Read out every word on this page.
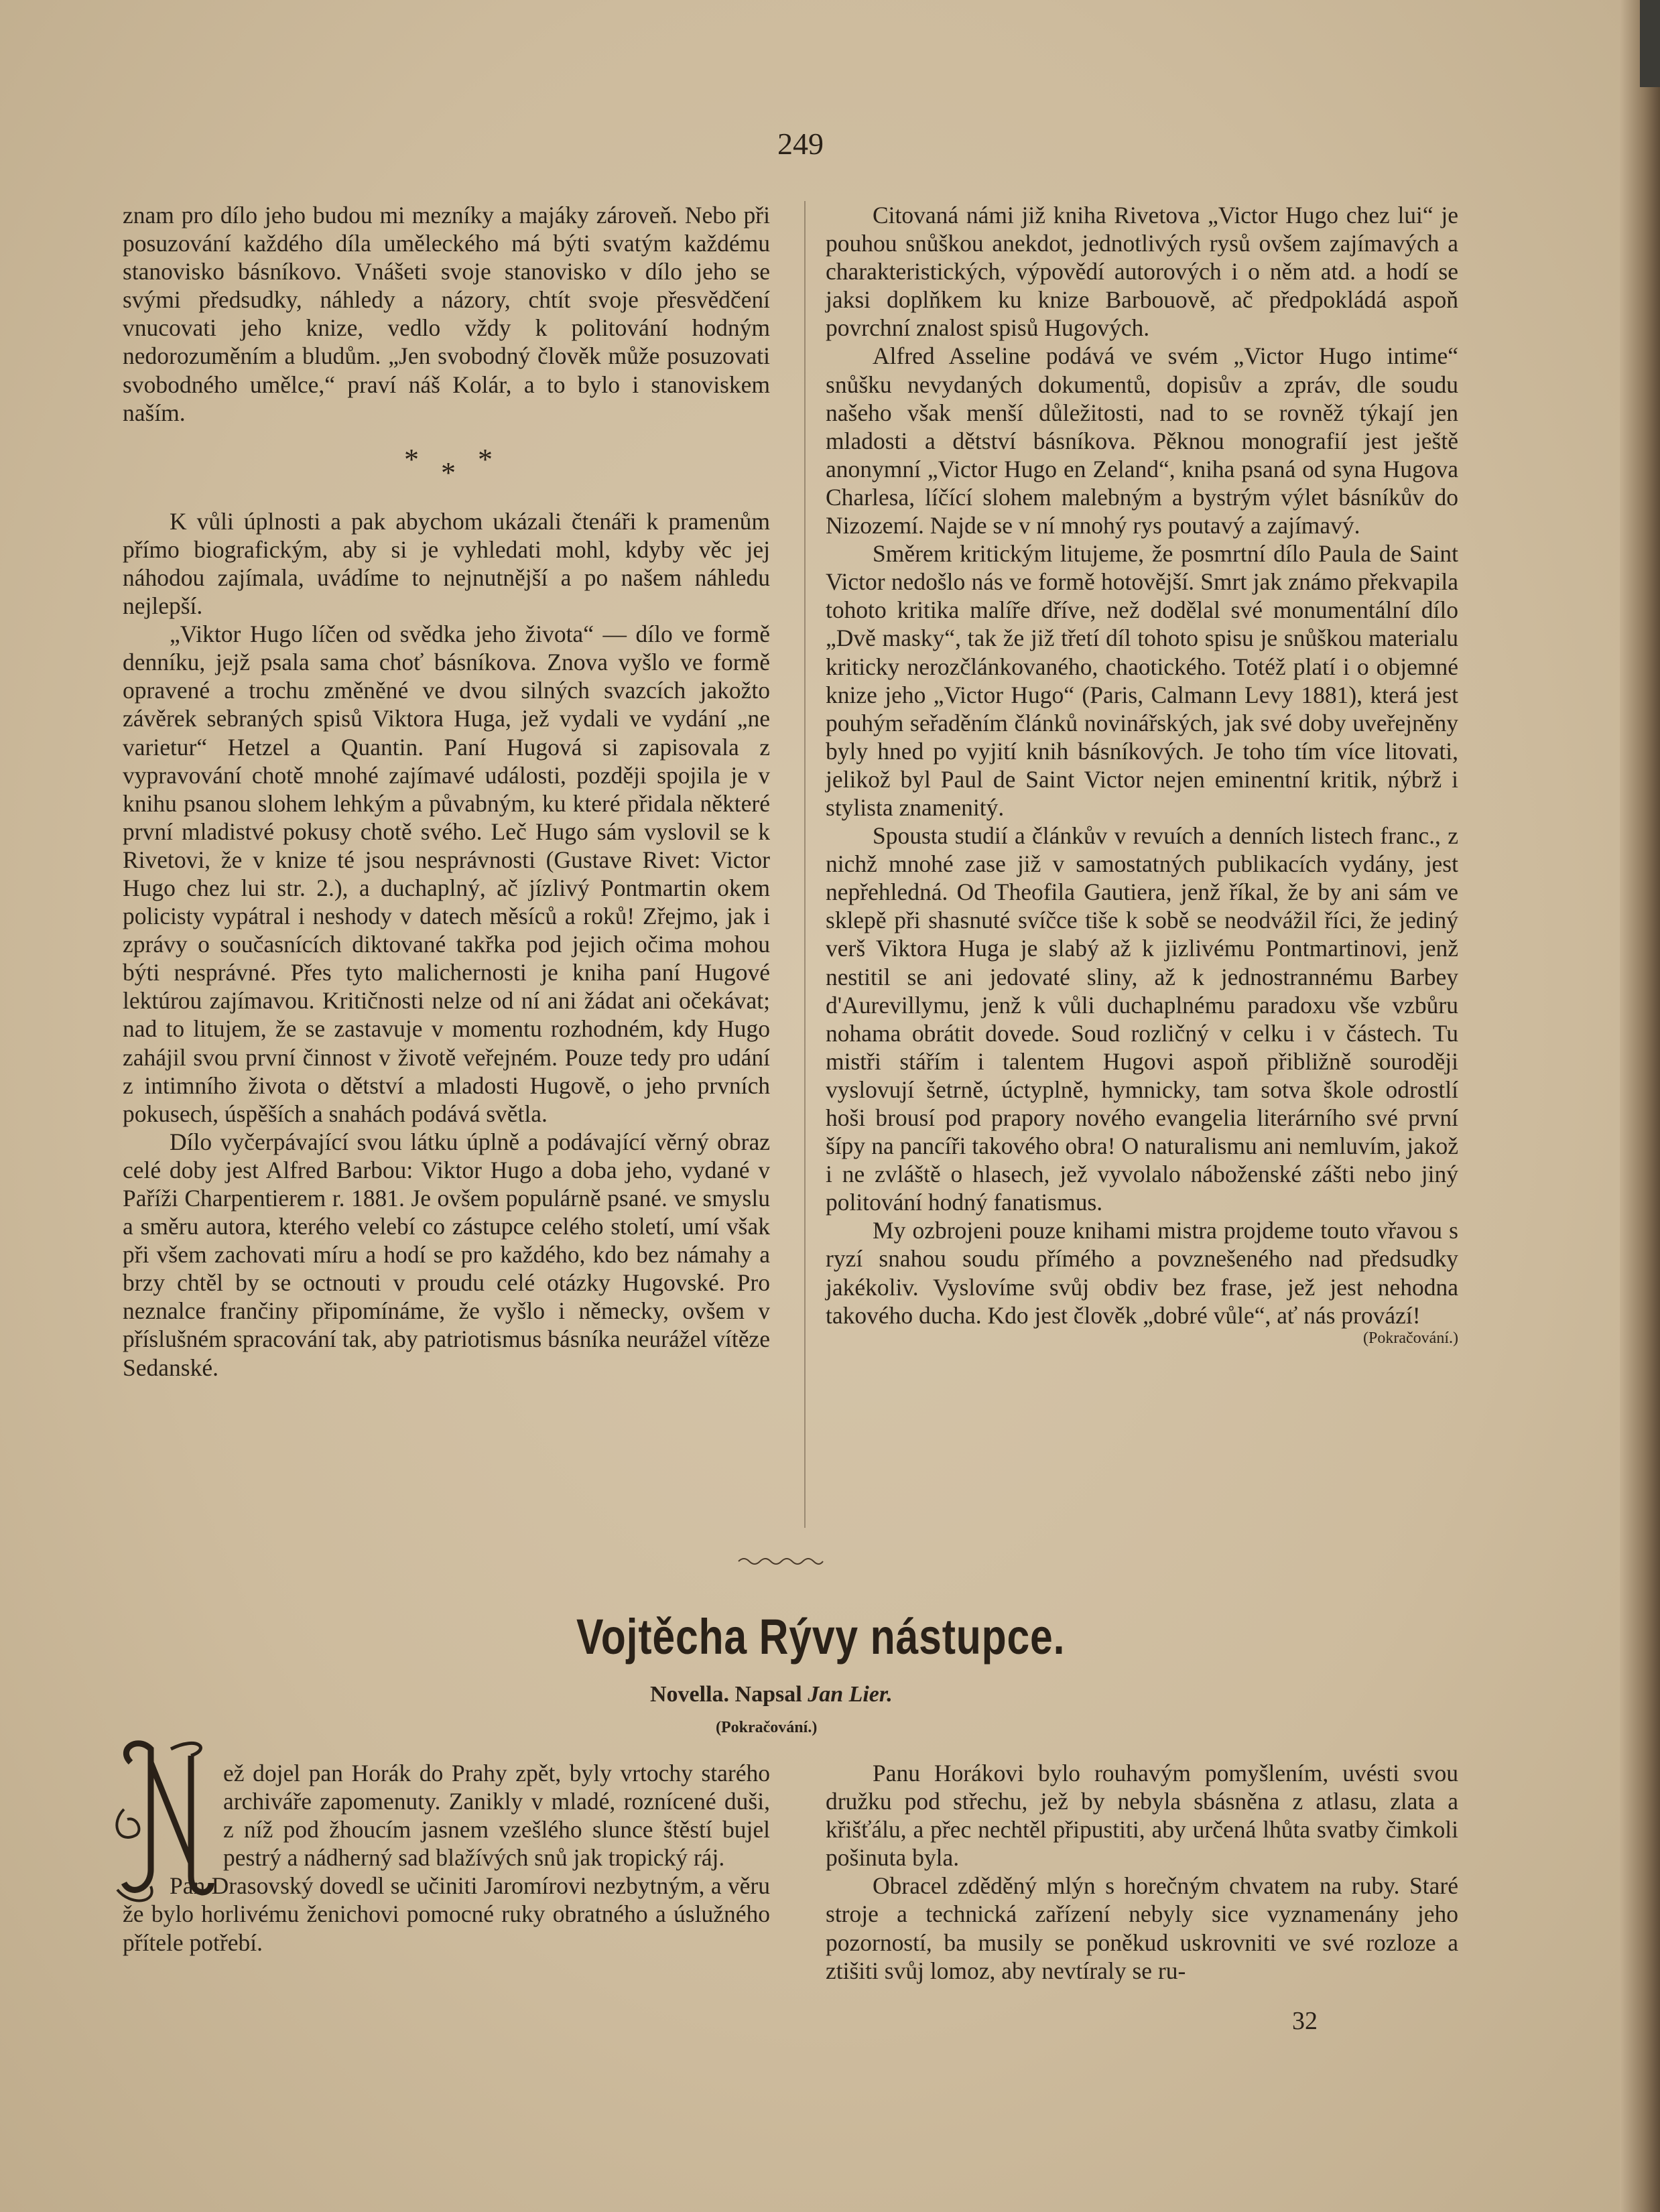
249

znam pro dílo jeho budou mi mezníky a majáky zároveň. Nebo při posuzování každého díla uměleckého má býti svatým každému stanovisko básníkovo. Vnášeti svoje stanovisko v dílo jeho se svými předsudky, náhledy a názory, chtít svoje přesvědčení vnucovati jeho knize, vedlo vždy k politování hodným nedorozuměním a bludům. „Jen svobodný člověk může posuzovati svobodného umělce,“ praví náš Kolár, a to bylo i stanoviskem naším.

* * *

K vůli úplnosti a pak abychom ukázali čtenáři k pramenům přímo biografickým, aby si je vyhledati mohl, kdyby věc jej náhodou zajímala, uvádíme to nejnutnější a po našem náhledu nejlepší.

„Viktor Hugo líčen od svědka jeho života“ — dílo ve formě denníku, jejž psala sama choť básníkova. Znova vyšlo ve formě opravené a trochu změněné ve dvou silných svazcích jakožto závěrek sebraných spisů Viktora Huga, jež vydali ve vydání „ne varietur“ Hetzel a Quantin. Paní Hugová si zapisovala z vypravování chotě mnohé zajímavé události, později spojila je v knihu psanou slohem lehkým a půvabným, ku které přidala některé první mladistvé pokusy chotě svého. Leč Hugo sám vyslovil se k Rivetovi, že v knize té jsou nesprávnosti (Gustave Rivet: Victor Hugo chez lui str. 2.), a duchaplný, ač jízlivý Pontmartin okem policisty vypátral i neshody v datech měsíců a roků! Zřejmo, jak i zprávy o současnících diktované takřka pod jejich očima mohou býti nesprávné. Přes tyto malichernosti je kniha paní Hugové lektúrou zajímavou. Kritičnosti nelze od ní ani žádat ani očekávat; nad to litujem, že se zastavuje v momentu rozhodném, kdy Hugo zahájil svou první činnost v životě veřejném. Pouze tedy pro udání z intimního života o dětství a mladosti Hugově, o jeho prvních pokusech, úspěších a snahách podává světla.

Dílo vyčerpávající svou látku úplně a podávající věrný obraz celé doby jest Alfred Barbou: Viktor Hugo a doba jeho, vydané v Paříži Charpentierem r. 1881. Je ovšem populárně psané. ve smyslu a směru autora, kterého velebí co zástupce celého století, umí však při všem zachovati míru a hodí se pro každého, kdo bez námahy a brzy chtěl by se octnouti v proudu celé otázky Hugovské. Pro neznalce frančiny připomínáme, že vyšlo i německy, ovšem v příslušném spracování tak, aby patriotismus básníka neurážel vítěze Sedanské.

Citovaná námi již kniha Rivetova „Victor Hugo chez lui“ je pouhou snůškou anekdot, jednotlivých rysů ovšem zajímavých a charakteristických, výpovědí autorových i o něm atd. a hodí se jaksi doplňkem ku knize Barbouově, ač předpokládá aspoň povrchní znalost spisů Hugových.

Alfred Asseline podává ve svém „Victor Hugo intime“ snůšku nevydaných dokumentů, dopisův a zpráv, dle soudu našeho však menší důležitosti, nad to se rovněž týkají jen mladosti a dětství básníkova. Pěknou monografií jest ještě anonymní „Victor Hugo en Zeland“, kniha psaná od syna Hugova Charlesa, líčící slohem malebným a bystrým výlet básníkův do Nizozemí. Najde se v ní mnohý rys poutavý a zajímavý.

Směrem kritickým litujeme, že posmrtní dílo Paula de Saint Victor nedošlo nás ve formě hotovější. Smrt jak známo překvapila tohoto kritika malíře dříve, než dodělal své monumentální dílo „Dvě masky“, tak že již třetí díl tohoto spisu je snůškou materialu kriticky nerozčlánkovaného, chaotického. Totéž platí i o objemné knize jeho „Victor Hugo“ (Paris, Calmann Levy 1881), která jest pouhým seřaděním článků novinářských, jak své doby uveřejněny byly hned po vyjití knih básníkových. Je toho tím více litovati, jelikož byl Paul de Saint Victor nejen eminentní kritik, nýbrž i stylista znamenitý.

Spousta studií a článkův v revuích a denních listech franc., z nichž mnohé zase již v samostatných publikacích vydány, jest nepřehledná. Od Theofila Gautiera, jenž říkal, že by ani sám ve sklepě při shasnuté svíčce tiše k sobě se neodvážil říci, že jediný verš Viktora Huga je slabý až k jizlivému Pontmartinovi, jenž nestitil se ani jedovaté sliny, až k jednostrannému Barbey d'Aurevillymu, jenž k vůli duchaplnému paradoxu vše vzbůru nohama obrátit dovede. Soud rozličný v celku i v částech. Tu mistři stářím i talentem Hugovi aspoň přibližně souroději vyslovují šetrně, úctyplně, hymnicky, tam sotva škole odrostlí hoši brousí pod prapory nového evangelia literárního své první šípy na pancíři takového obra! O naturalismu ani nemluvím, jakož i ne zvláště o hlasech, jež vyvolalo náboženské zášti nebo jiný politování hodný fanatismus.

My ozbrojeni pouze knihami mistra projdeme touto vřavou s ryzí snahou soudu přímého a povznešeného nad předsudky jakékoliv. Vyslovíme svůj obdiv bez frase, jež jest nehodna takového ducha. Kdo jest člověk „dobré vůle“, ať nás provází!

(Pokračování.)
Vojtěcha Rývy nástupce.
Novella. Napsal Jan Lier.
(Pokračování.)

ež dojel pan Horák do Prahy zpět, byly vrtochy starého archiváře zapomenuty. Zanikly v mladé, roznícené duši, z níž pod žhoucím jasnem vzešlého slunce štěstí bujel pestrý a nádherný sad blažívých snů jak tropický ráj.

Pan Drasovský dovedl se učiniti Jaromírovi nezbytným, a věru že bylo horlivému ženichovi pomocné ruky obratného a úslužného přítele potřebí.

Panu Horákovi bylo rouhavým pomyšlením, uvésti svou družku pod střechu, jež by nebyla sbásněna z atlasu, zlata a křišťálu, a přec nechtěl připustiti, aby určená lhůta svatby čimkoli pošinuta byla.

Obracel zděděný mlýn s horečným chvatem na ruby. Staré stroje a technická zařízení nebyly sice vyznamenány jeho pozorností, ba musily se poněkud uskrovniti ve své rozloze a ztišiti svůj lomoz, aby nevtíraly se ru-

32
